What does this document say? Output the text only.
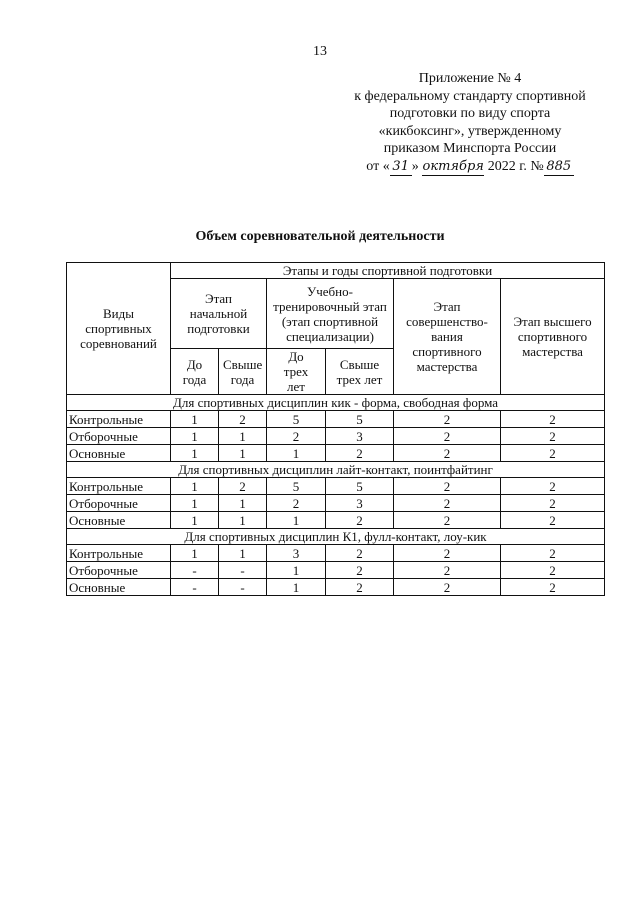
13
Приложение № 4
к федеральному стандарту спортивной
подготовки по виду спорта
«кикбоксинг», утвержденному
приказом Минспорта России
от « 31 » октября 2022 г. № 885
Объем соревновательной деятельности
Виды спортивных соревнований	Этапы и годы спортивной подготовки					
	Этап начальной подготовки		Учебно-тренировочный этап (этап спортивной специализации)		Этап совершенство-вания спортивного мастерства	Этап высшего спортивного мастерства
	До года	Свыше года	До трех лет	Свыше трех лет		
Для спортивных дисциплин кик - форма, свободная форма						
Контрольные	1	2	5	5	2	2
Отборочные	1	1	2	3	2	2
Основные	1	1	1	2	2	2
Для спортивных дисциплин лайт-контакт, поинтфайтинг						
Контрольные	1	2	5	5	2	2
Отборочные	1	1	2	3	2	2
Основные	1	1	1	2	2	2
Для спортивных дисциплин К1, фулл-контакт, лоу-кик						
Контрольные	1	1	3	2	2	2
Отборочные	-	-	1	2	2	2
Основные	-	-	1	2	2	2
